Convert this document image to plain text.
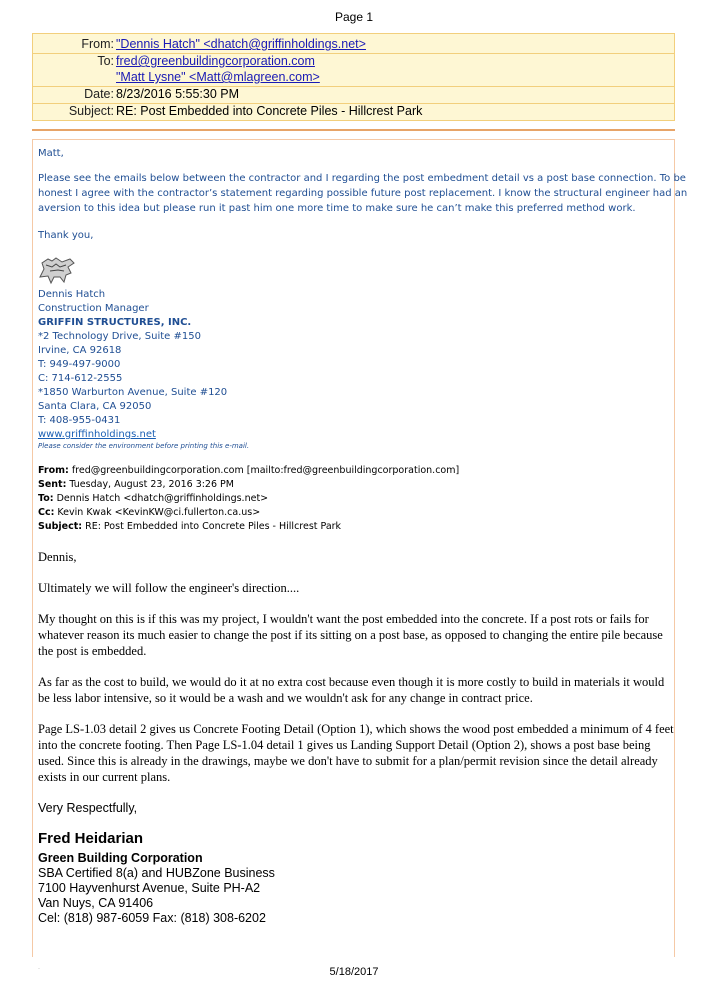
Page 1
From: "Dennis Hatch" <dhatch@griffinholdings.net>
To: fred@greenbuildingcorporation.com
"Matt Lysne" <Matt@mlagreen.com>
Date: 8/23/2016 5:55:30 PM
Subject: RE: Post Embedded into Concrete Piles - Hillcrest Park
Matt,
Please see the emails below between the contractor and I regarding the post embedment detail vs a post base connection. To be
honest I agree with the contractor’s statement regarding possible future post replacement. I know the structural engineer had an
aversion to this idea but please run it past him one more time to make sure he can’t make this preferred method work.
Thank you,
Dennis Hatch
Construction Manager
GRIFFIN STRUCTURES, INC.
*2 Technology Drive, Suite #150
Irvine, CA 92618
T: 949-497-9000
C: 714-612-2555
*1850 Warburton Avenue, Suite #120
Santa Clara, CA 92050
T: 408-955-0431
www.griffinholdings.net
Please consider the environment before printing this e-mail.
From: fred@greenbuildingcorporation.com [mailto:fred@greenbuildingcorporation.com]
Sent: Tuesday, August 23, 2016 3:26 PM
To: Dennis Hatch <dhatch@griffinholdings.net>
Cc: Kevin Kwak <KevinKW@ci.fullerton.ca.us>
Subject: RE: Post Embedded into Concrete Piles - Hillcrest Park
Dennis,
Ultimately we will follow the engineer's direction....
My thought on this is if this was my project, I wouldn't want the post embedded into the concrete. If a post rots or fails for whatever reason its much easier to change the post if its sitting on a post base, as opposed to changing the entire pile because the post is embedded.
As far as the cost to build, we would do it at no extra cost because even though it is more costly to build in materials it would be less labor intensive, so it would be a wash and we wouldn't ask for any change in contract price.
Page LS-1.03 detail 2 gives us Concrete Footing Detail (Option 1), which shows the wood post embedded a minimum of 4 feet into the concrete footing. Then Page LS-1.04 detail 1 gives us Landing Support Detail (Option 2), shows a post base being used. Since this is already in the drawings, maybe we don't have to submit for a plan/permit revision since the detail already exists in our current plans.
Very Respectfully,
Fred Heidarian
Green Building Corporation
SBA Certified 8(a) and HUBZone Business
7100 Hayvenhurst Avenue, Suite PH-A2
Van Nuys, CA 91406
Cel: (818) 987-6059 Fax: (818) 308-6202
·	5/18/2017
